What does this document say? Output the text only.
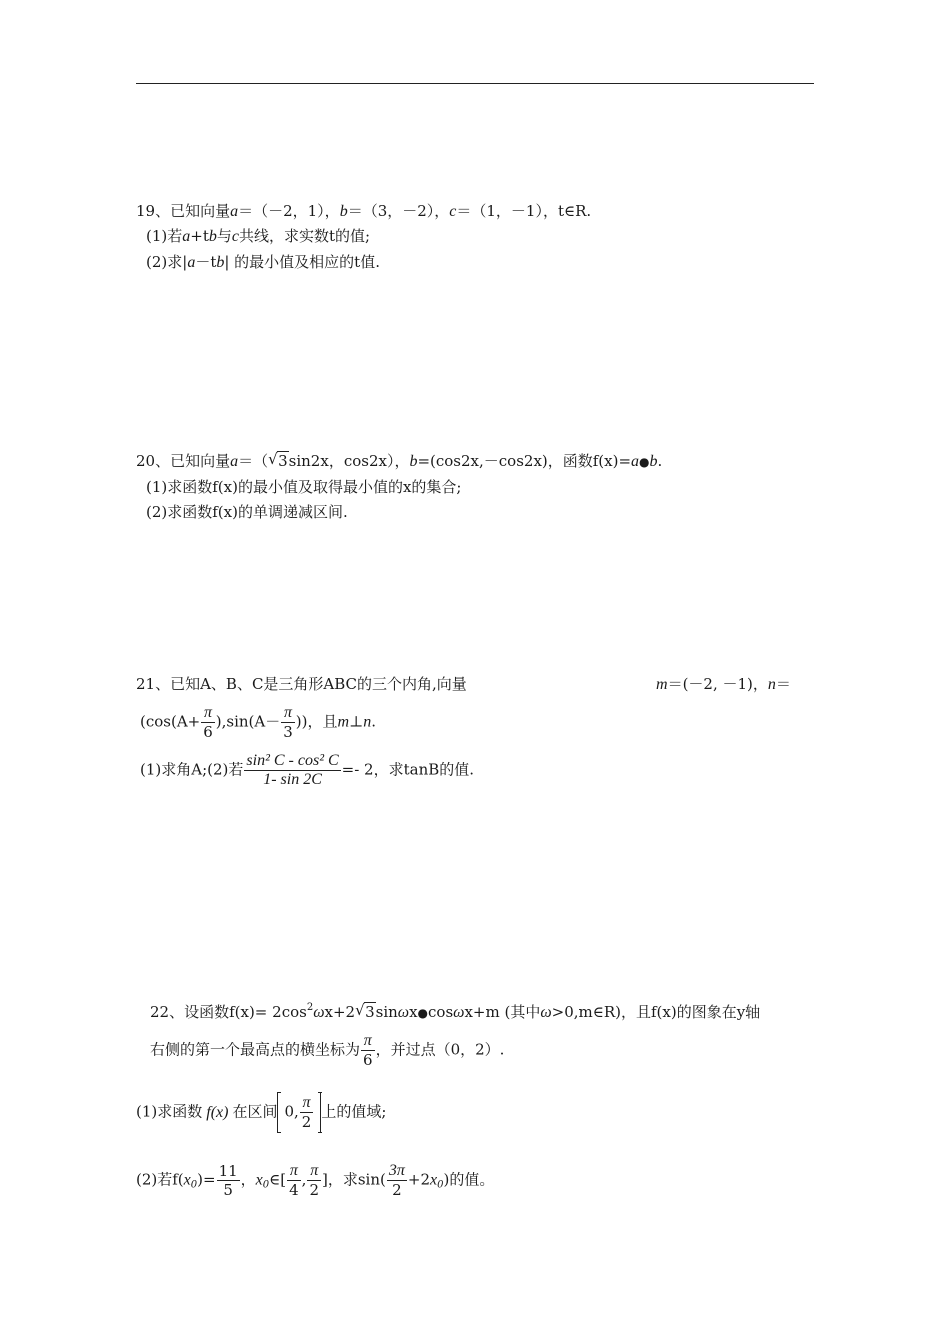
19、已知向量a＝（－2，1），b＝（3，－2），c＝（1，－1），t∈R.
(1)若a+tb与c共线，求实数t的值;
(2)求|a－tb| 的最小值及相应的t值.
20、已知向量a＝（ √ 3sin2x，cos2x），b=(cos2x,－cos2x)，函数f(x)=a●b.
(1)求函数f(x)的最小值及取得最小值的x的集合;
(2)求函数f(x)的单调递减区间.
21、已知A、B、C是三角形ABC的三个内角,向量	m＝(－2, －1)，n＝
($\cos(A+ \frac{\pi}{6} ),\sin(A- \frac{\pi}{3}$ ))，且m⊥n.
(1)求角A;(2)若 $\frac{\text{sin² C - cos² C}}{1- \sin 2C} =- 2$，求tanB的值.
22、设函数$f(x)= 2\cos^2\omega x+2$ √ 3sinωx●cosωx+m (其中ω>0,m∈R)，且f(x)的图象在y轴
右侧的第一个最高点的横坐标为 $\frac{\pi}{6}$ ，并过点（0，2）.
(1)求函数 f(x) 在区间 0, $\frac{\pi}{2}$ 上的值域;
(2)若$f(x_0)= \frac{11}{5}$ ，$x_0\in[ \frac{\pi}{4}$ , $\frac{\pi}{2}$ ]，求$\sin( \frac{3\pi}{2} +2x_0)$的值。
